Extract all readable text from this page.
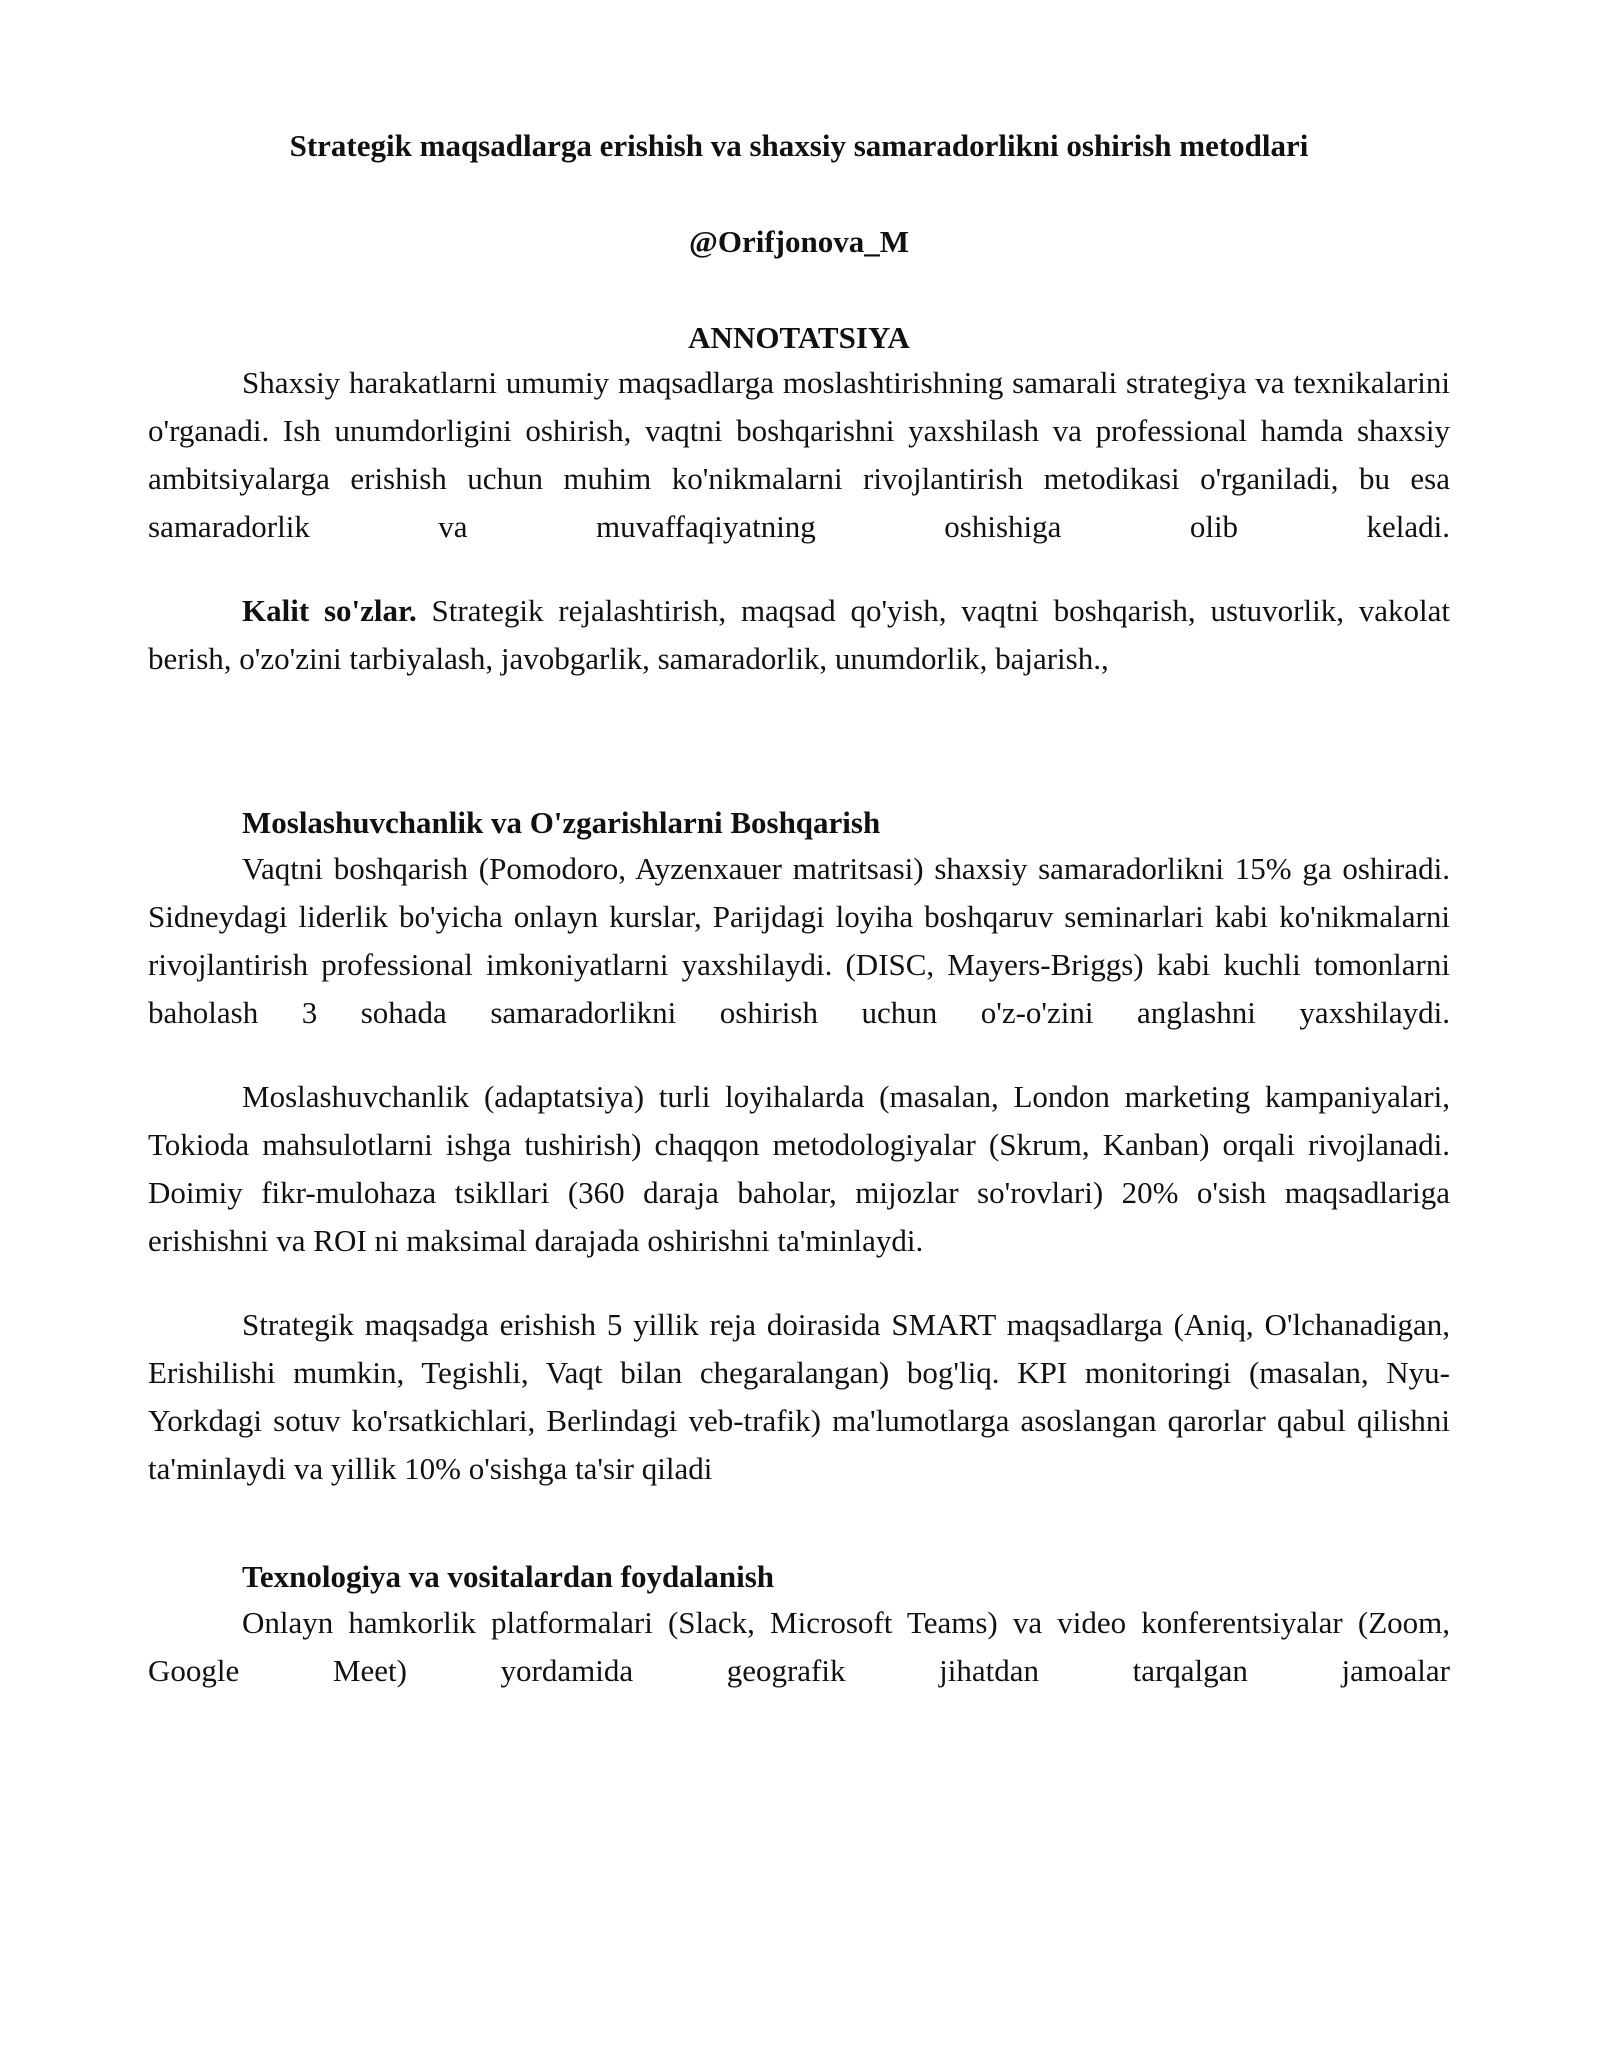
Strategik maqsadlarga erishish va shaxsiy samaradorlikni oshirish metodlari
@Orifjonova_M
ANNOTATSIYA

Shaxsiy harakatlarni umumiy maqsadlarga moslashtirishning samarali strategiya va texnikalarini o'rganadi. Ish unumdorligini oshirish, vaqtni boshqarishni yaxshilash va professional hamda shaxsiy ambitsiyalarga erishish uchun muhim ko'nikmalarni rivojlantirish metodikasi o'rganiladi, bu esa samaradorlik va muvaffaqiyatning oshishiga olib keladi.

Kalit so'zlar. Strategik rejalashtirish, maqsad qo'yish, vaqtni boshqarish, ustuvorlik, vakolat berish, o'zo'zini tarbiyalash, javobgarlik, samaradorlik, unumdorlik, bajarish.,

Moslashuvchanlik va O'zgarishlarni Boshqarish

Vaqtni boshqarish (Pomodoro, Ayzenxauer matritsasi) shaxsiy samaradorlikni 15% ga oshiradi. Sidneydagi liderlik bo'yicha onlayn kurslar, Parijdagi loyiha boshqaruv seminarlari kabi ko'nikmalarni rivojlantirish professional imkoniyatlarni yaxshilaydi. (DISC, Mayers-Briggs) kabi kuchli tomonlarni baholash 3 sohada samaradorlikni oshirish uchun o'z-o'zini anglashni yaxshilaydi.

Moslashuvchanlik (adaptatsiya) turli loyihalarda (masalan, London marketing kampaniyalari, Tokioda mahsulotlarni ishga tushirish) chaqqon metodologiyalar (Skrum, Kanban) orqali rivojlanadi. Doimiy fikr-mulohaza tsikllari (360 daraja baholar, mijozlar so'rovlari) 20% o'sish maqsadlariga erishishni va ROI ni maksimal darajada oshirishni ta'minlaydi.

Strategik maqsadga erishish 5 yillik reja doirasida SMART maqsadlarga (Aniq, O'lchanadigan, Erishilishi mumkin, Tegishli, Vaqt bilan chegaralangan) bog'liq. KPI monitoringi (masalan, Nyu-Yorkdagi sotuv ko'rsatkichlari, Berlindagi veb-trafik) ma'lumotlarga asoslangan qarorlar qabul qilishni ta'minlaydi va yillik 10% o'sishga ta'sir qiladi

Texnologiya va vositalardan foydalanish

Onlayn hamkorlik platformalari (Slack, Microsoft Teams) va video konferentsiyalar (Zoom, Google Meet) yordamida geografik jihatdan tarqalgan jamoalar
